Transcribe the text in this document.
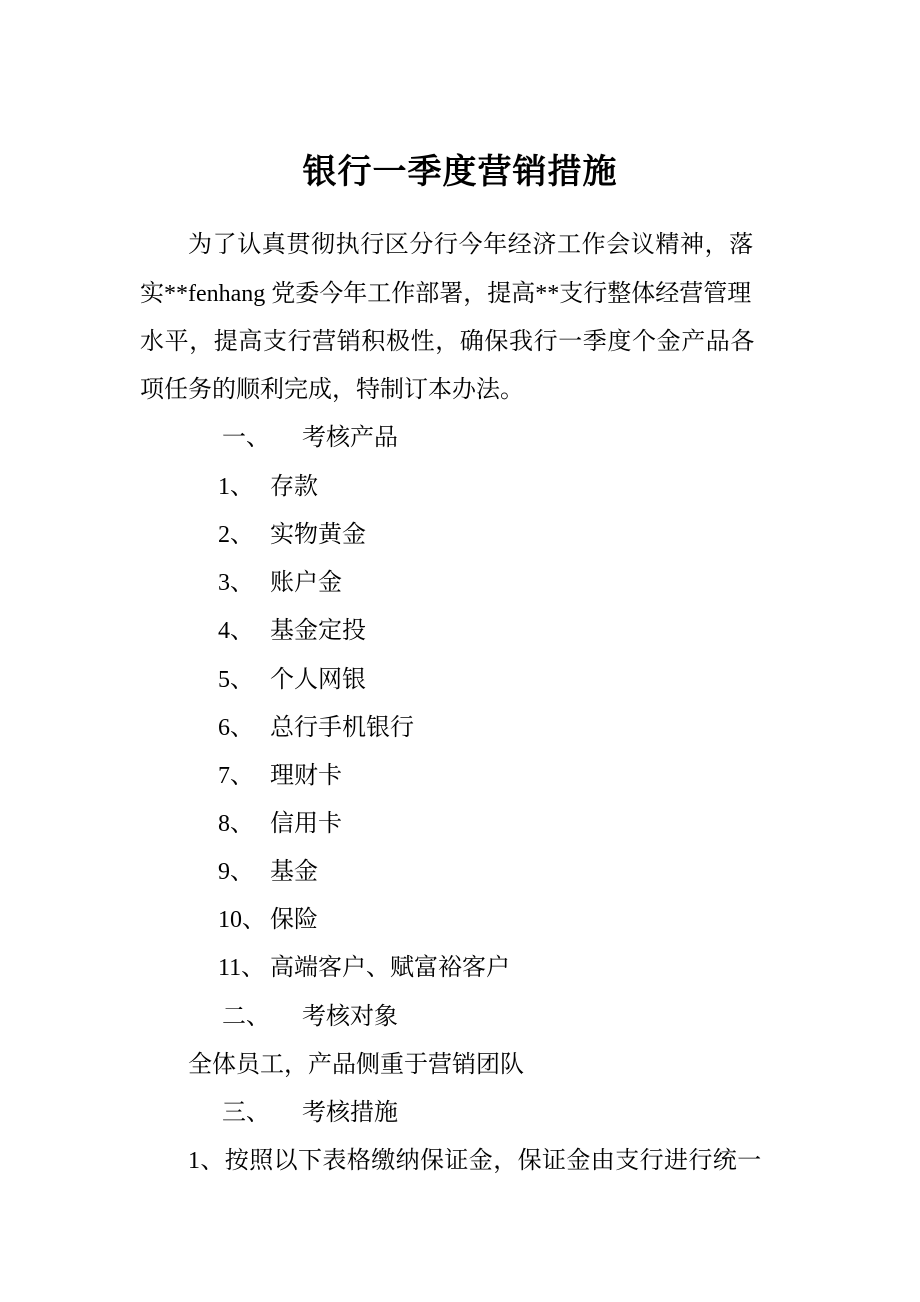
银行一季度营销措施
为了认真贯彻执行区分行今年经济工作会议精神，落
实**fenhang 党委今年工作部署，提高**支行整体经营管理
水平，提高支行营销积极性，确保我行一季度个金产品各
项任务的顺利完成，特制订本办法。
一、 考核产品
1、 存款
2、 实物黄金
3、 账户金
4、 基金定投
5、 个人网银
6、 总行手机银行
7、 理财卡
8、 信用卡
9、 基金
10、 保险
11、 高端客户、赋富裕客户
二、 考核对象
全体员工，产品侧重于营销团队
三、 考核措施
1、按照以下表格缴纳保证金，保证金由支行进行统一
